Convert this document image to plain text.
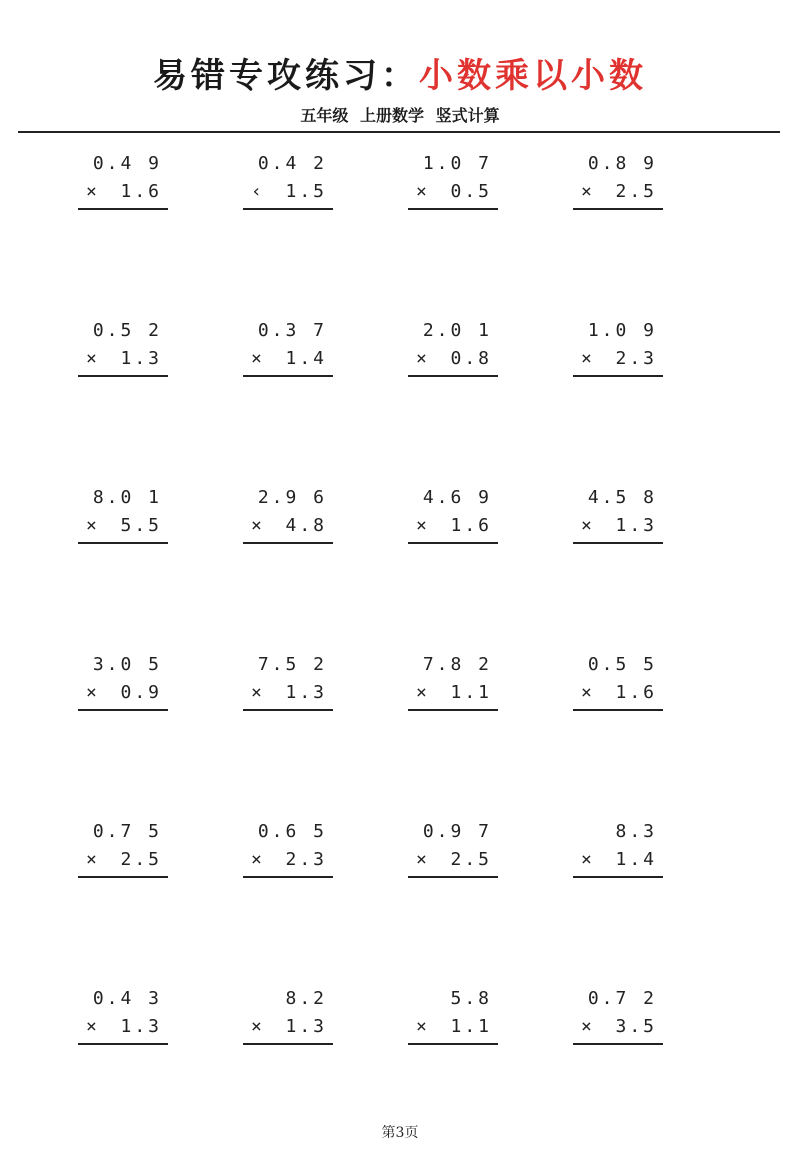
易错专攻练习：小数乘以小数
五年级 上册数学 竖式计算
0.4 9
× 1.6
0.4 2
‹ 1.5
1.0 7
× 0.5
0.8 9
× 2.5
0.5 2
× 1.3
0.3 7
× 1.4
2.0 1
× 0.8
1.0 9
× 2.3
8.0 1
× 5.5
2.9 6
× 4.8
4.6 9
× 1.6
4.5 8
× 1.3
3.0 5
× 0.9
7.5 2
× 1.3
7.8 2
× 1.1
0.5 5
× 1.6
0.7 5
× 2.5
0.6 5
× 2.3
0.9 7
× 2.5
8.3
× 1.4
0.4 3
× 1.3
8.2
× 1.3
5.8
× 1.1
0.7 2
× 3.5
第3页
